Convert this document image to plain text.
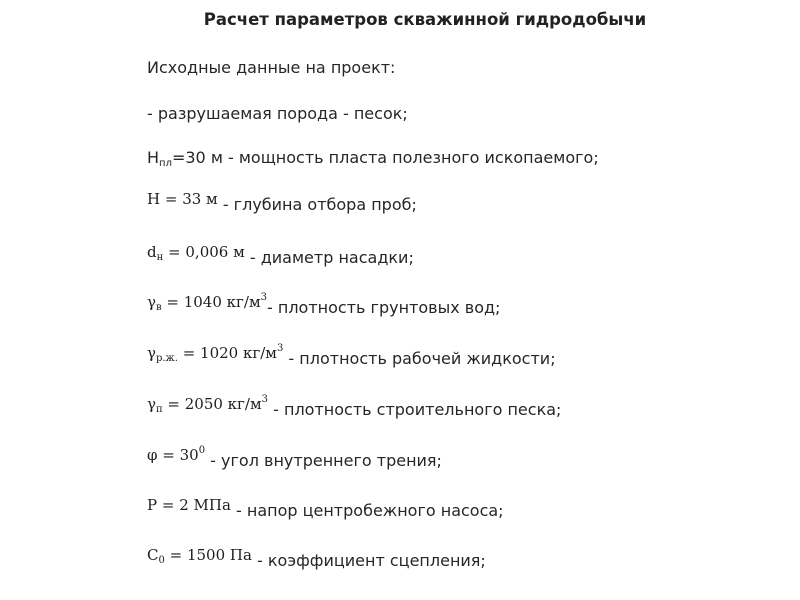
Расчет параметров скважинной гидродобычи
Исходные данные на проект:
- разрушаемая порода - песок;
$H_{пл}=30$ м - мощность пласта полезного ископаемого;
H = 33 м - глубина отбора проб;
$d_н = 0,006$ м - диаметр насадки;
$\gamma_в = 1040$ $кг/м^3-$ плотность грунтовых вод;
$\gamma_{р.ж.} = 1020$ $кг/м^3$ - плотность рабочей жидкости;
$\gamma_п = 2050$ $кг/м^3$ - плотность строительного песка;
$\varphi = 30^0$ - угол внутреннего трения;
P = 2 МПа - напор центробежного насоса;
$C_0 = 1500$ Па - коэффициент сцепления;
